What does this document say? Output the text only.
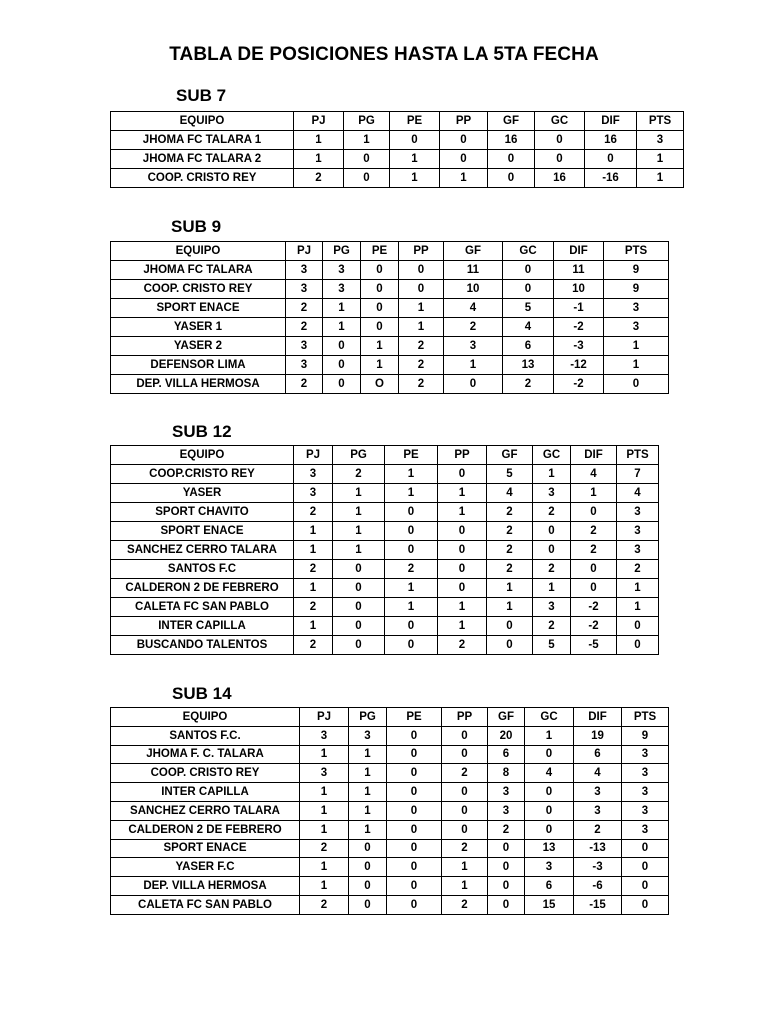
TABLA DE POSICIONES HASTA LA 5TA FECHA
SUB 7
EQUIPO	PJ	PG	PE	PP	GF	GC	DIF	PTS
JHOMA FC TALARA 1	1	1	0	0	16	0	16	3
JHOMA FC TALARA 2	1	0	1	0	0	0	0	1
COOP. CRISTO REY	2	0	1	1	0	16	-16	1
SUB 9
EQUIPO	PJ	PG	PE	PP	GF	GC	DIF	PTS
JHOMA FC TALARA	3	3	0	0	11	0	11	9
COOP. CRISTO REY	3	3	0	0	10	0	10	9
SPORT ENACE	2	1	0	1	4	5	-1	3
YASER 1	2	1	0	1	2	4	-2	3
YASER 2	3	0	1	2	3	6	-3	1
DEFENSOR LIMA	3	0	1	2	1	13	-12	1
DEP. VILLA HERMOSA	2	0	O	2	0	2	-2	0
SUB 12
EQUIPO	PJ	PG	PE	PP	GF	GC	DIF	PTS
COOP.CRISTO REY	3	2	1	0	5	1	4	7
YASER	3	1	1	1	4	3	1	4
SPORT CHAVITO	2	1	0	1	2	2	0	3
SPORT ENACE	1	1	0	0	2	0	2	3
SANCHEZ CERRO TALARA	1	1	0	0	2	0	2	3
SANTOS F.C	2	0	2	0	2	2	0	2
CALDERON 2 DE FEBRERO	1	0	1	0	1	1	0	1
CALETA FC SAN PABLO	2	0	1	1	1	3	-2	1
INTER CAPILLA	1	0	0	1	0	2	-2	0
BUSCANDO TALENTOS	2	0	0	2	0	5	-5	0
SUB 14
EQUIPO	PJ	PG	PE	PP	GF	GC	DIF	PTS
SANTOS F.C.	3	3	0	0	20	1	19	9
JHOMA F. C. TALARA	1	1	0	0	6	0	6	3
COOP. CRISTO REY	3	1	0	2	8	4	4	3
INTER CAPILLA	1	1	0	0	3	0	3	3
SANCHEZ CERRO TALARA	1	1	0	0	3	0	3	3
CALDERON 2 DE FEBRERO	1	1	0	0	2	0	2	3
SPORT ENACE	2	0	0	2	0	13	-13	0
YASER F.C	1	0	0	1	0	3	-3	0
DEP. VILLA HERMOSA	1	0	0	1	0	6	-6	0
CALETA FC SAN PABLO	2	0	0	2	0	15	-15	0
